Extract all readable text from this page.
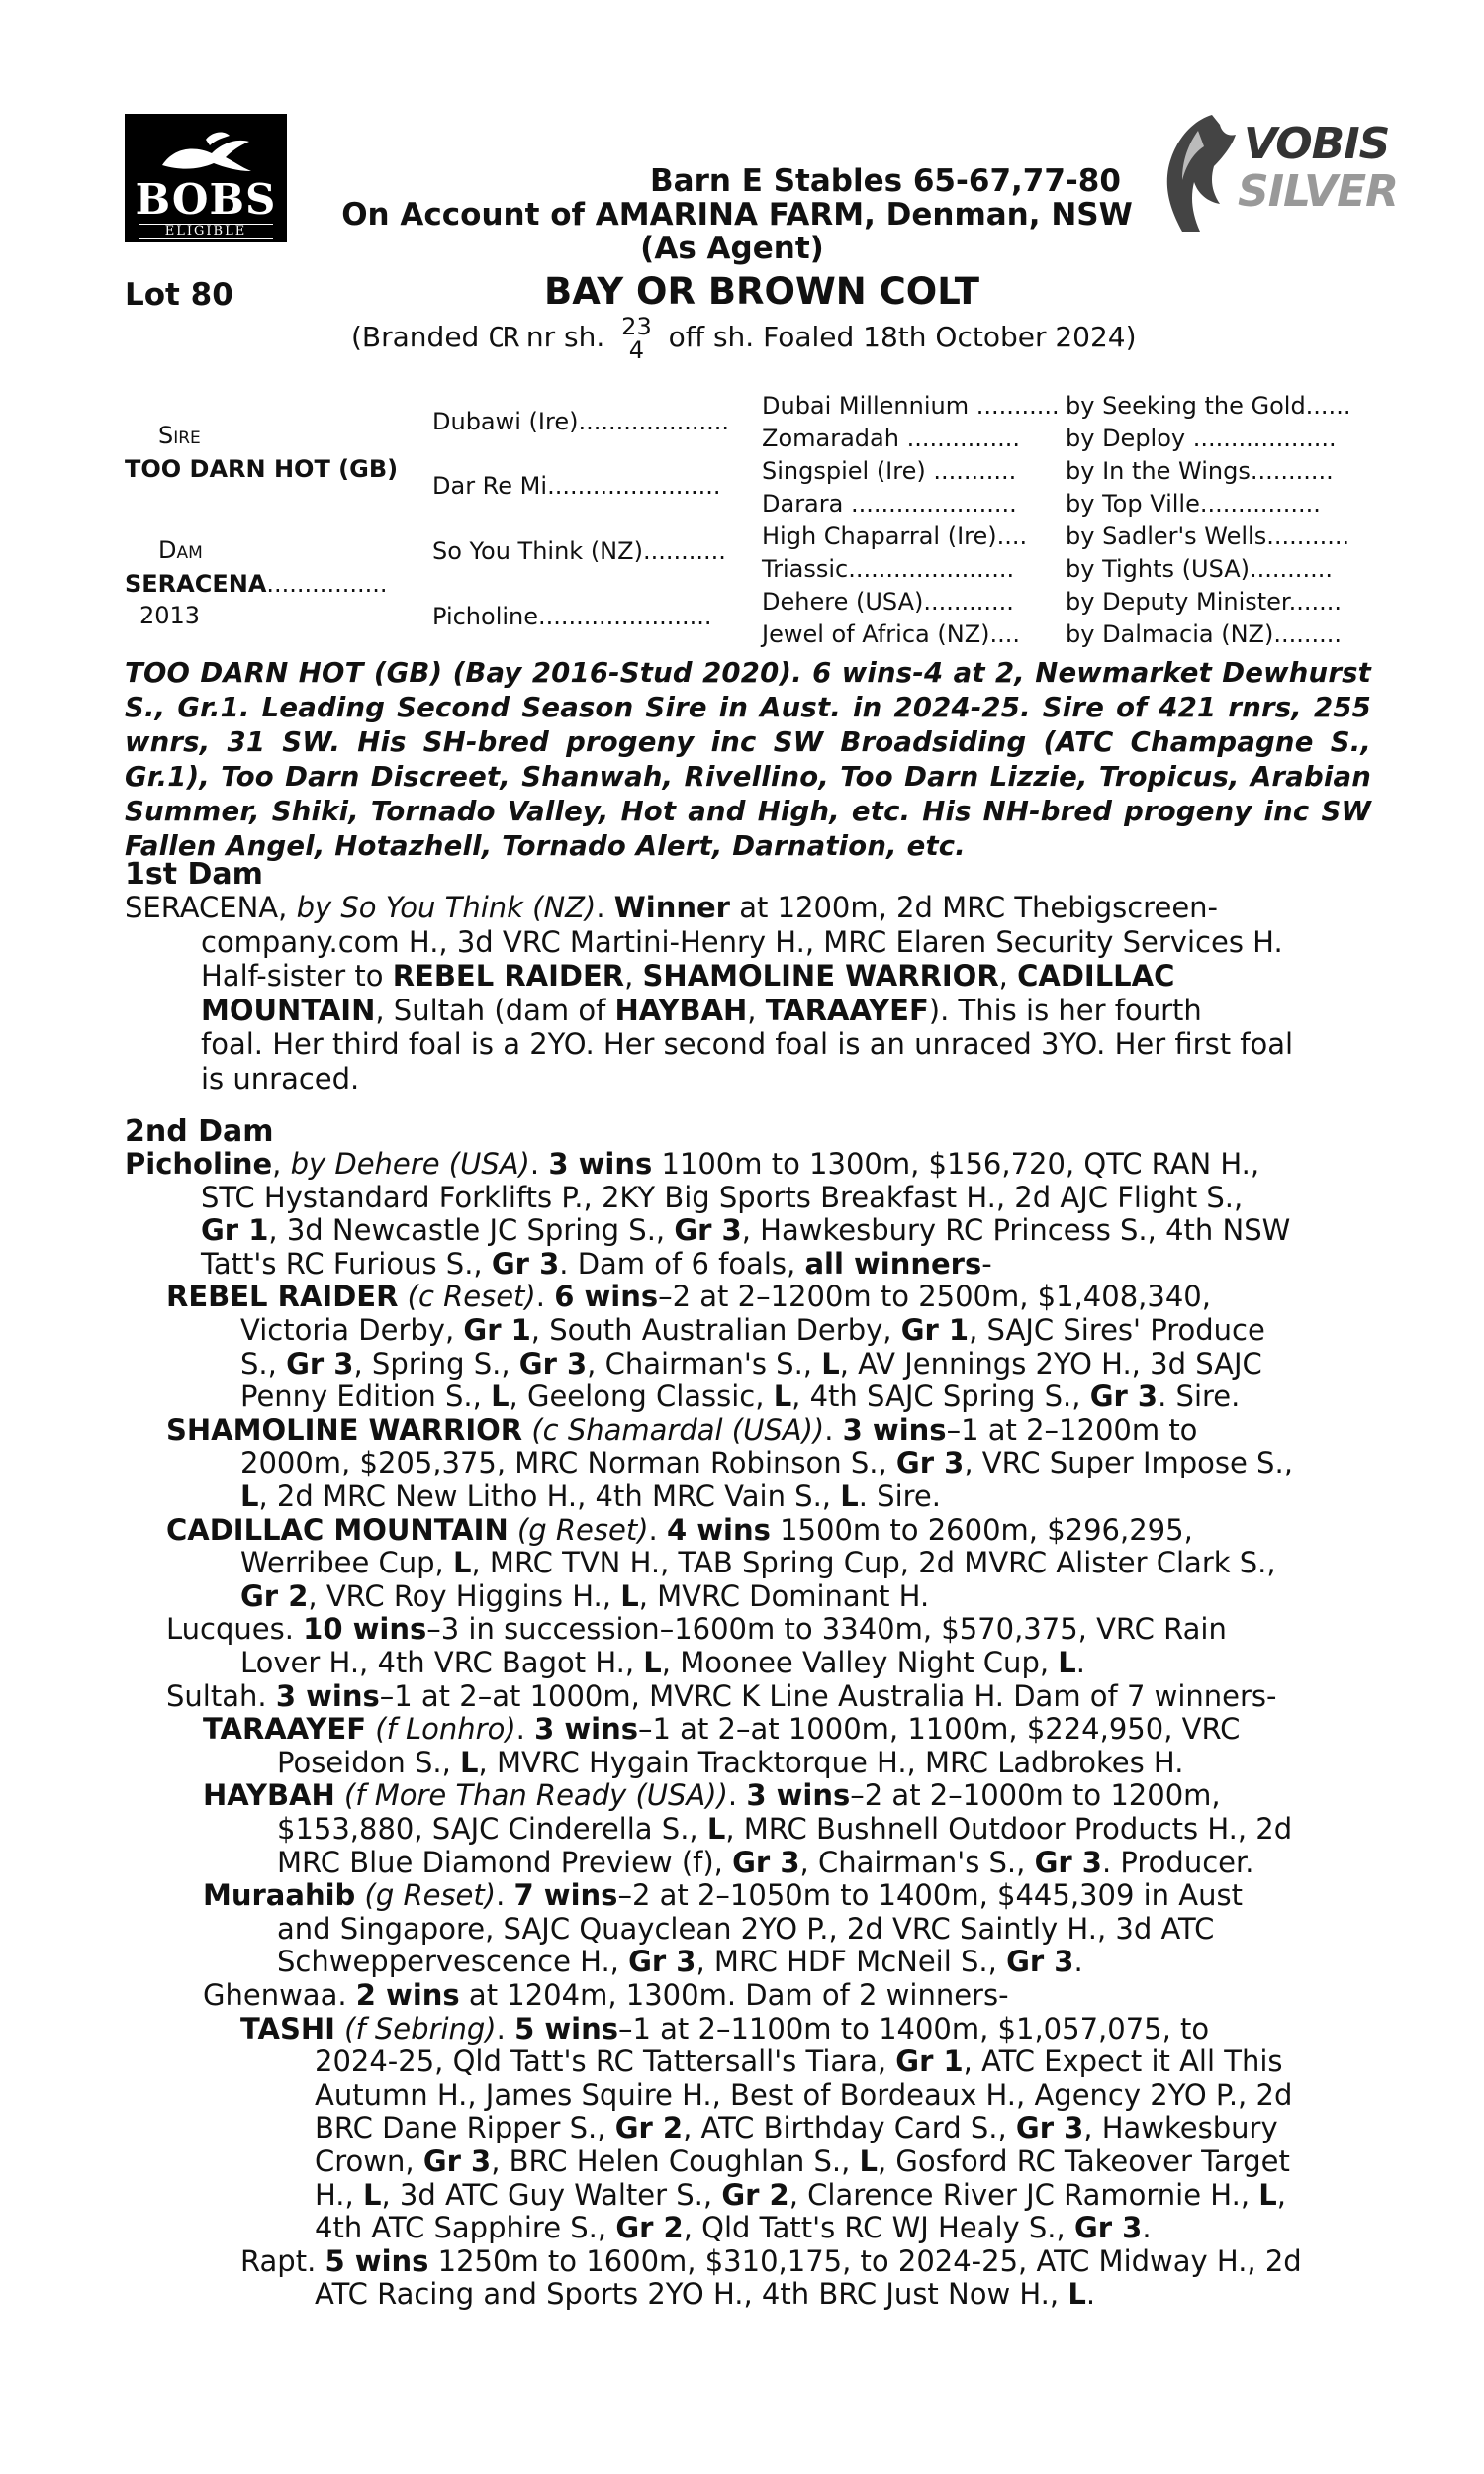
BOBS
ELIGIBLE
VOBIS
SILVER
Barn E Stables 65-67,77-80
On Account of AMARINA FARM, Denman, NSW
(As Agent)
Lot 80	BAY OR BROWN COLT
(Branded CR nr sh. 23
4 off sh. Foaled 18th October 2024)
Sire
TOO DARN HOT (GB)
Dam
SERACENA................
2013
Dubawi (Ire)....................
Dar Re Mi.......................
So You Think (NZ)...........
Picholine.......................
Dubai Millennium ........... by Seeking the Gold......
Zomaradah ............... by Deploy ...................
Singspiel (Ire) ........... by In the Wings...........
Darara ...................... by Top Ville................
High Chaparral (Ire).... by Sadler's Wells...........
Triassic...................... by Tights (USA)...........
Dehere (USA)............ by Deputy Minister.......
Jewel of Africa (NZ).... by Dalmacia (NZ).........
TOO DARN HOT (GB) (Bay 2016-Stud 2020). 6 wins-4 at 2, Newmarket Dewhurst S., Gr.1. Leading Second Season Sire in Aust. in 2024-25. Sire of 421 rnrs, 255 wnrs, 31 SW. His SH-bred progeny inc SW Broadsiding (ATC Champagne S., Gr.1), Too Darn Discreet, Shanwah, Rivellino, Too Darn Lizzie, Tropicus, Arabian Summer, Shiki, Tornado Valley, Hot and High, etc. His NH-bred progeny inc SW Fallen Angel, Hotazhell, Tornado Alert, Darnation, etc.
1st Dam
SERACENA, by So You Think (NZ). Winner at 1200m, 2d MRC Thebigscreen-
company.com H., 3d VRC Martini-Henry H., MRC Elaren Security Services H.
Half-sister to REBEL RAIDER, SHAMOLINE WARRIOR, CADILLAC
MOUNTAIN, Sultah (dam of HAYBAH, TARAAYEF). This is her fourth
foal. Her third foal is a 2YO. Her second foal is an unraced 3YO. Her first foal
is unraced.
2nd Dam
Picholine, by Dehere (USA). 3 wins 1100m to 1300m, $156,720, QTC RAN H.,
STC Hystandard Forklifts P., 2KY Big Sports Breakfast H., 2d AJC Flight S.,
Gr 1, 3d Newcastle JC Spring S., Gr 3, Hawkesbury RC Princess S., 4th NSW
Tatt's RC Furious S., Gr 3. Dam of 6 foals, all winners-
REBEL RAIDER (c Reset). 6 wins–2 at 2–1200m to 2500m, $1,408,340,
Victoria Derby, Gr 1, South Australian Derby, Gr 1, SAJC Sires' Produce
S., Gr 3, Spring S., Gr 3, Chairman's S., L, AV Jennings 2YO H., 3d SAJC
Penny Edition S., L, Geelong Classic, L, 4th SAJC Spring S., Gr 3. Sire.
SHAMOLINE WARRIOR (c Shamardal (USA)). 3 wins–1 at 2–1200m to
2000m, $205,375, MRC Norman Robinson S., Gr 3, VRC Super Impose S.,
L, 2d MRC New Litho H., 4th MRC Vain S., L. Sire.
CADILLAC MOUNTAIN (g Reset). 4 wins 1500m to 2600m, $296,295,
Werribee Cup, L, MRC TVN H., TAB Spring Cup, 2d MVRC Alister Clark S.,
Gr 2, VRC Roy Higgins H., L, MVRC Dominant H.
Lucques. 10 wins–3 in succession–1600m to 3340m, $570,375, VRC Rain
Lover H., 4th VRC Bagot H., L, Moonee Valley Night Cup, L.
Sultah. 3 wins–1 at 2–at 1000m, MVRC K Line Australia H. Dam of 7 winners-
TARAAYEF (f Lonhro). 3 wins–1 at 2–at 1000m, 1100m, $224,950, VRC
Poseidon S., L, MVRC Hygain Tracktorque H., MRC Ladbrokes H.
HAYBAH (f More Than Ready (USA)). 3 wins–2 at 2–1000m to 1200m,
$153,880, SAJC Cinderella S., L, MRC Bushnell Outdoor Products H., 2d
MRC Blue Diamond Preview (f), Gr 3, Chairman's S., Gr 3. Producer.
Muraahib (g Reset). 7 wins–2 at 2–1050m to 1400m, $445,309 in Aust
and Singapore, SAJC Quayclean 2YO P., 2d VRC Saintly H., 3d ATC
Schweppervescence H., Gr 3, MRC HDF McNeil S., Gr 3.
Ghenwaa. 2 wins at 1204m, 1300m. Dam of 2 winners-
TASHI (f Sebring). 5 wins–1 at 2–1100m to 1400m, $1,057,075, to
2024-25, Qld Tatt's RC Tattersall's Tiara, Gr 1, ATC Expect it All This
Autumn H., James Squire H., Best of Bordeaux H., Agency 2YO P., 2d
BRC Dane Ripper S., Gr 2, ATC Birthday Card S., Gr 3, Hawkesbury
Crown, Gr 3, BRC Helen Coughlan S., L, Gosford RC Takeover Target
H., L, 3d ATC Guy Walter S., Gr 2, Clarence River JC Ramornie H., L,
4th ATC Sapphire S., Gr 2, Qld Tatt's RC WJ Healy S., Gr 3.
Rapt. 5 wins 1250m to 1600m, $310,175, to 2024-25, ATC Midway H., 2d
ATC Racing and Sports 2YO H., 4th BRC Just Now H., L.
